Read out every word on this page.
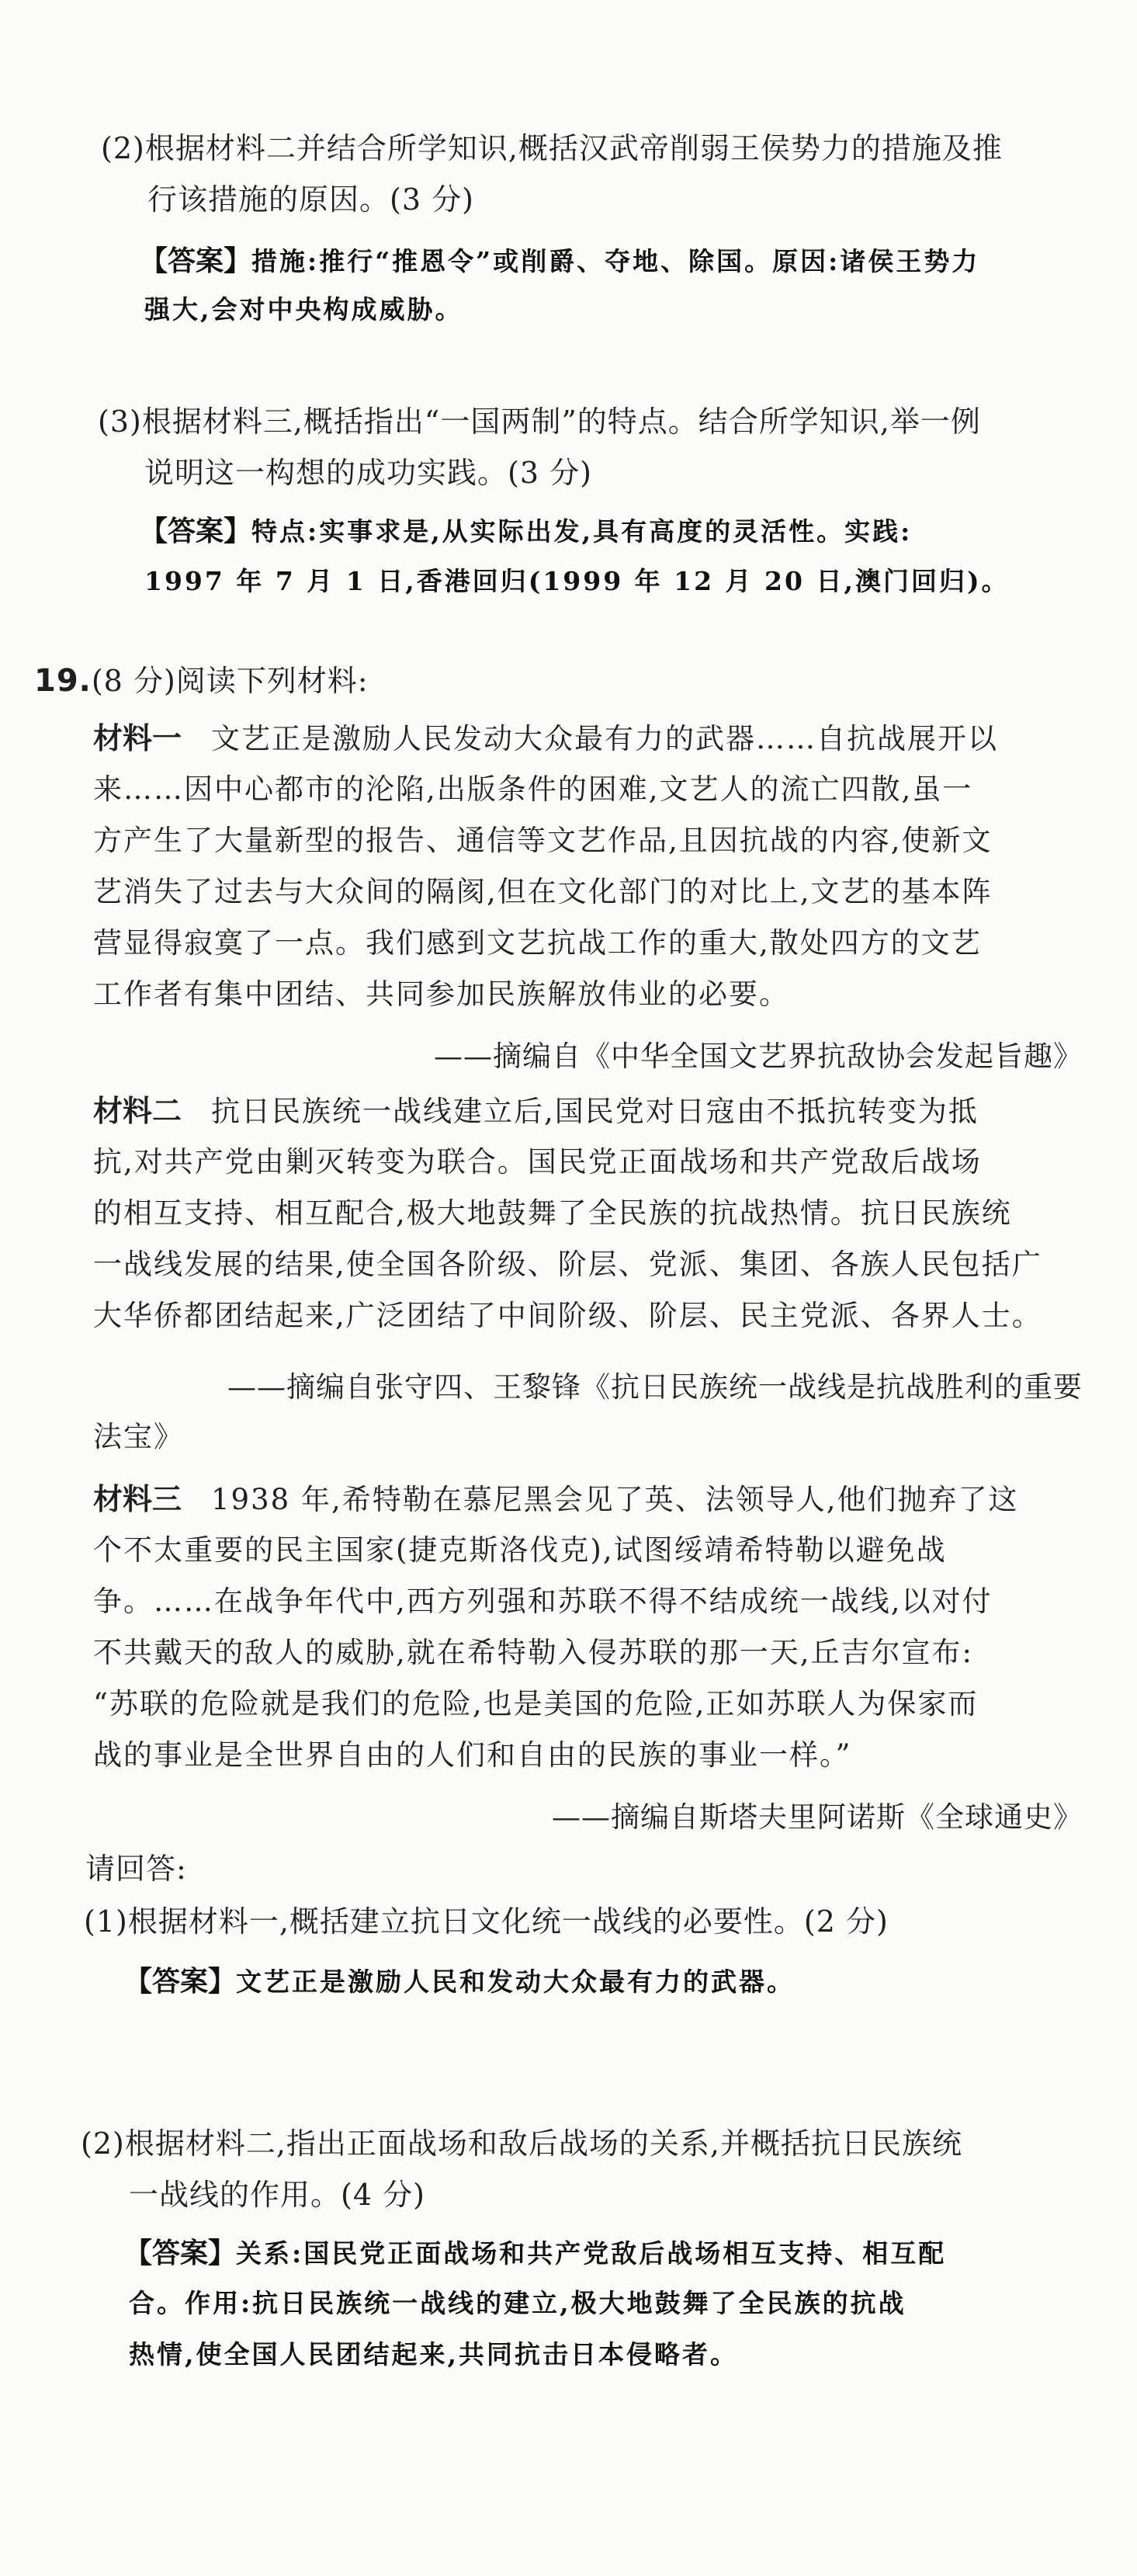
(2)根据材料二并结合所学知识,概括汉武帝削弱王侯势力的措施及推
行该措施的原因。(3 分)
【答案】措施:推行“推恩令”或削爵、夺地、除国。原因:诸侯王势力
强大,会对中央构成威胁。
(3)根据材料三,概括指出“一国两制”的特点。结合所学知识,举一例
说明这一构想的成功实践。(3 分)
【答案】特点:实事求是,从实际出发,具有高度的灵活性。实践:
1997 年 7 月 1 日,香港回归(1999 年 12 月 20 日,澳门回归)。
19.(8 分)阅读下列材料:
材料一 文艺正是激励人民发动大众最有力的武器……自抗战展开以
来……因中心都市的沦陷,出版条件的困难,文艺人的流亡四散,虽一
方产生了大量新型的报告、通信等文艺作品,且因抗战的内容,使新文
艺消失了过去与大众间的隔阂,但在文化部门的对比上,文艺的基本阵
营显得寂寞了一点。我们感到文艺抗战工作的重大,散处四方的文艺
工作者有集中团结、共同参加民族解放伟业的必要。
——摘编自《中华全国文艺界抗敌协会发起旨趣》
材料二 抗日民族统一战线建立后,国民党对日寇由不抵抗转变为抵
抗,对共产党由剿灭转变为联合。国民党正面战场和共产党敌后战场
的相互支持、相互配合,极大地鼓舞了全民族的抗战热情。抗日民族统
一战线发展的结果,使全国各阶级、阶层、党派、集团、各族人民包括广
大华侨都团结起来,广泛团结了中间阶级、阶层、民主党派、各界人士。
——摘编自张守四、王黎锋《抗日民族统一战线是抗战胜利的重要
法宝》
材料三 1938 年,希特勒在慕尼黑会见了英、法领导人,他们抛弃了这
个不太重要的民主国家(捷克斯洛伐克),试图绥靖希特勒以避免战
争。……在战争年代中,西方列强和苏联不得不结成统一战线,以对付
不共戴天的敌人的威胁,就在希特勒入侵苏联的那一天,丘吉尔宣布:
“苏联的危险就是我们的危险,也是美国的危险,正如苏联人为保家而
战的事业是全世界自由的人们和自由的民族的事业一样。”
——摘编自斯塔夫里阿诺斯《全球通史》
请回答:
(1)根据材料一,概括建立抗日文化统一战线的必要性。(2 分)
【答案】文艺正是激励人民和发动大众最有力的武器。
(2)根据材料二,指出正面战场和敌后战场的关系,并概括抗日民族统
一战线的作用。(4 分)
【答案】关系:国民党正面战场和共产党敌后战场相互支持、相互配
合。作用:抗日民族统一战线的建立,极大地鼓舞了全民族的抗战
热情,使全国人民团结起来,共同抗击日本侵略者。
